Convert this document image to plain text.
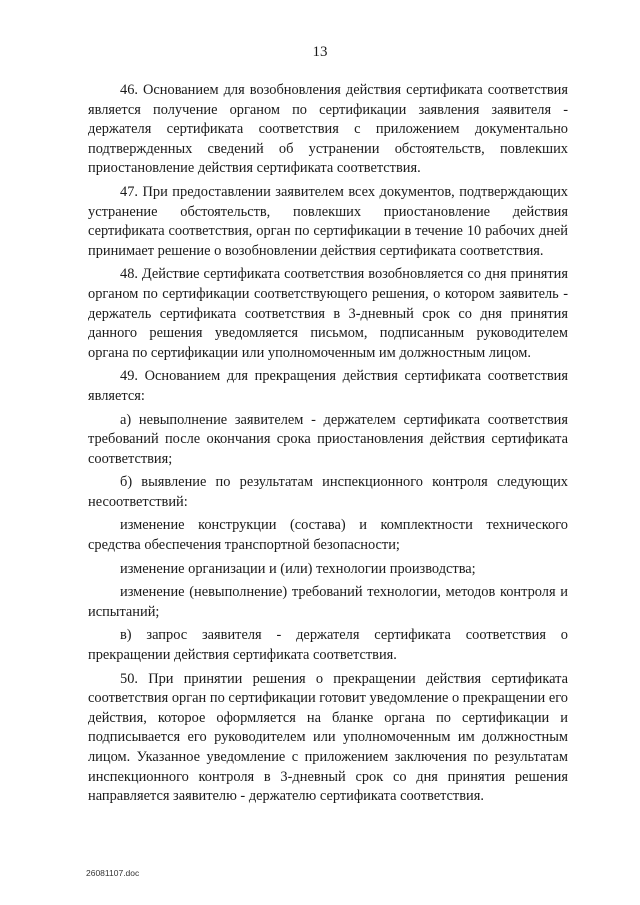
13

46. Основанием для возобновления действия сертификата соответствия является получение органом по сертификации заявления заявителя - держателя сертификата соответствия с приложением документально подтвержденных сведений об устранении обстоятельств, повлекших приостановление действия сертификата соответствия.

47. При предоставлении заявителем всех документов, подтверждающих устранение обстоятельств, повлекших приостановление действия сертификата соответствия, орган по сертификации в течение 10 рабочих дней принимает решение о возобновлении действия сертификата соответствия.

48. Действие сертификата соответствия возобновляется со дня принятия органом по сертификации соответствующего решения, о котором заявитель - держатель сертификата соответствия в 3-дневный срок со дня принятия данного решения уведомляется письмом, подписанным руководителем органа по сертификации или уполномоченным им должностным лицом.

49. Основанием для прекращения действия сертификата соответствия является:

а) невыполнение заявителем - держателем сертификата соответствия требований после окончания срока приостановления действия сертификата соответствия;

б) выявление по результатам инспекционного контроля следующих несоответствий:

изменение конструкции (состава) и комплектности технического средства обеспечения транспортной безопасности;

изменение организации и (или) технологии производства;

изменение (невыполнение) требований технологии, методов контроля и испытаний;

в) запрос заявителя - держателя сертификата соответствия о прекращении действия сертификата соответствия.

50. При принятии решения о прекращении действия сертификата соответствия орган по сертификации готовит уведомление о прекращении его действия, которое оформляется на бланке органа по сертификации и подписывается его руководителем или уполномоченным им должностным лицом. Указанное уведомление с приложением заключения по результатам инспекционного контроля в 3-дневный срок со дня принятия решения направляется заявителю - держателю сертификата соответствия.

26081107.doc
